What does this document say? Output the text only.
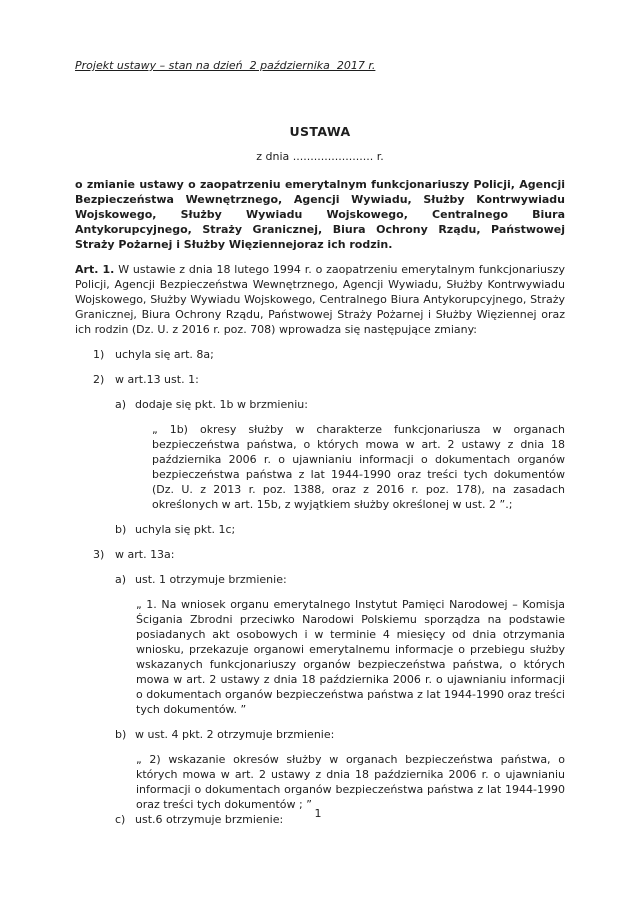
Projekt ustawy – stan na dzień  2 października  2017 r.
USTAWA
z dnia ....................... r.

o zmianie ustawy o zaopatrzeniu emerytalnym funkcjonariuszy Policji, Agencji Bezpieczeństwa Wewnętrznego, Agencji Wywiadu, Służby Kontrwywiadu Wojskowego, Służby Wywiadu Wojskowego, Centralnego Biura Antykorupcyjnego, Straży Granicznej, Biura Ochrony Rządu, Państwowej Straży Pożarnej i Służby Więziennejoraz ich rodzin.

Art. 1. W ustawie z dnia 18 lutego 1994 r. o zaopatrzeniu emerytalnym funkcjonariuszy Policji, Agencji Bezpieczeństwa Wewnętrznego, Agencji Wywiadu, Służby Kontrwywiadu Wojskowego, Służby Wywiadu Wojskowego, Centralnego Biura Antykorupcyjnego, Straży Granicznej, Biura Ochrony Rządu, Państwowej Straży Pożarnej i Służby Więziennej oraz ich rodzin (Dz. U. z 2016 r. poz. 708) wprowadza się następujące zmiany:

1) uchyla się art. 8a;
2) w art.13 ust. 1:
a) dodaje się pkt. 1b w brzmieniu:
„ 1b) okresy służby w charakterze funkcjonariusza w organach bezpieczeństwa państwa, o których mowa w art. 2 ustawy z dnia 18 października 2006 r. o ujawnianiu informacji o dokumentach organów bezpieczeństwa państwa z lat 1944-1990 oraz treści tych dokumentów (Dz. U. z 2013 r. poz. 1388, oraz z 2016 r. poz. 178), na zasadach określonych w art. 15b, z wyjątkiem służby określonej w ust. 2 ”.;
b) uchyla się pkt. 1c;
3) w art. 13a:
a) ust. 1 otrzymuje brzmienie:
„ 1. Na wniosek organu emerytalnego Instytut Pamięci Narodowej – Komisja Ścigania Zbrodni przeciwko Narodowi Polskiemu sporządza na podstawie posiadanych akt osobowych i w terminie 4 miesięcy od dnia otrzymania wniosku, przekazuje organowi emerytalnemu informacje o przebiegu służby wskazanych funkcjonariuszy organów bezpieczeństwa państwa, o których mowa w art. 2 ustawy z dnia 18 października 2006 r. o ujawnianiu informacji o dokumentach organów bezpieczeństwa państwa z lat 1944-1990 oraz treści tych dokumentów. ”
b) w ust. 4 pkt. 2 otrzymuje brzmienie:
„ 2) wskazanie okresów służby w organach bezpieczeństwa państwa, o których mowa w art. 2 ustawy z dnia 18 października 2006 r. o ujawnianiu informacji o dokumentach organów bezpieczeństwa państwa z lat 1944-1990 oraz treści tych dokumentów ; ”
c) ust.6 otrzymuje brzmienie:	1
